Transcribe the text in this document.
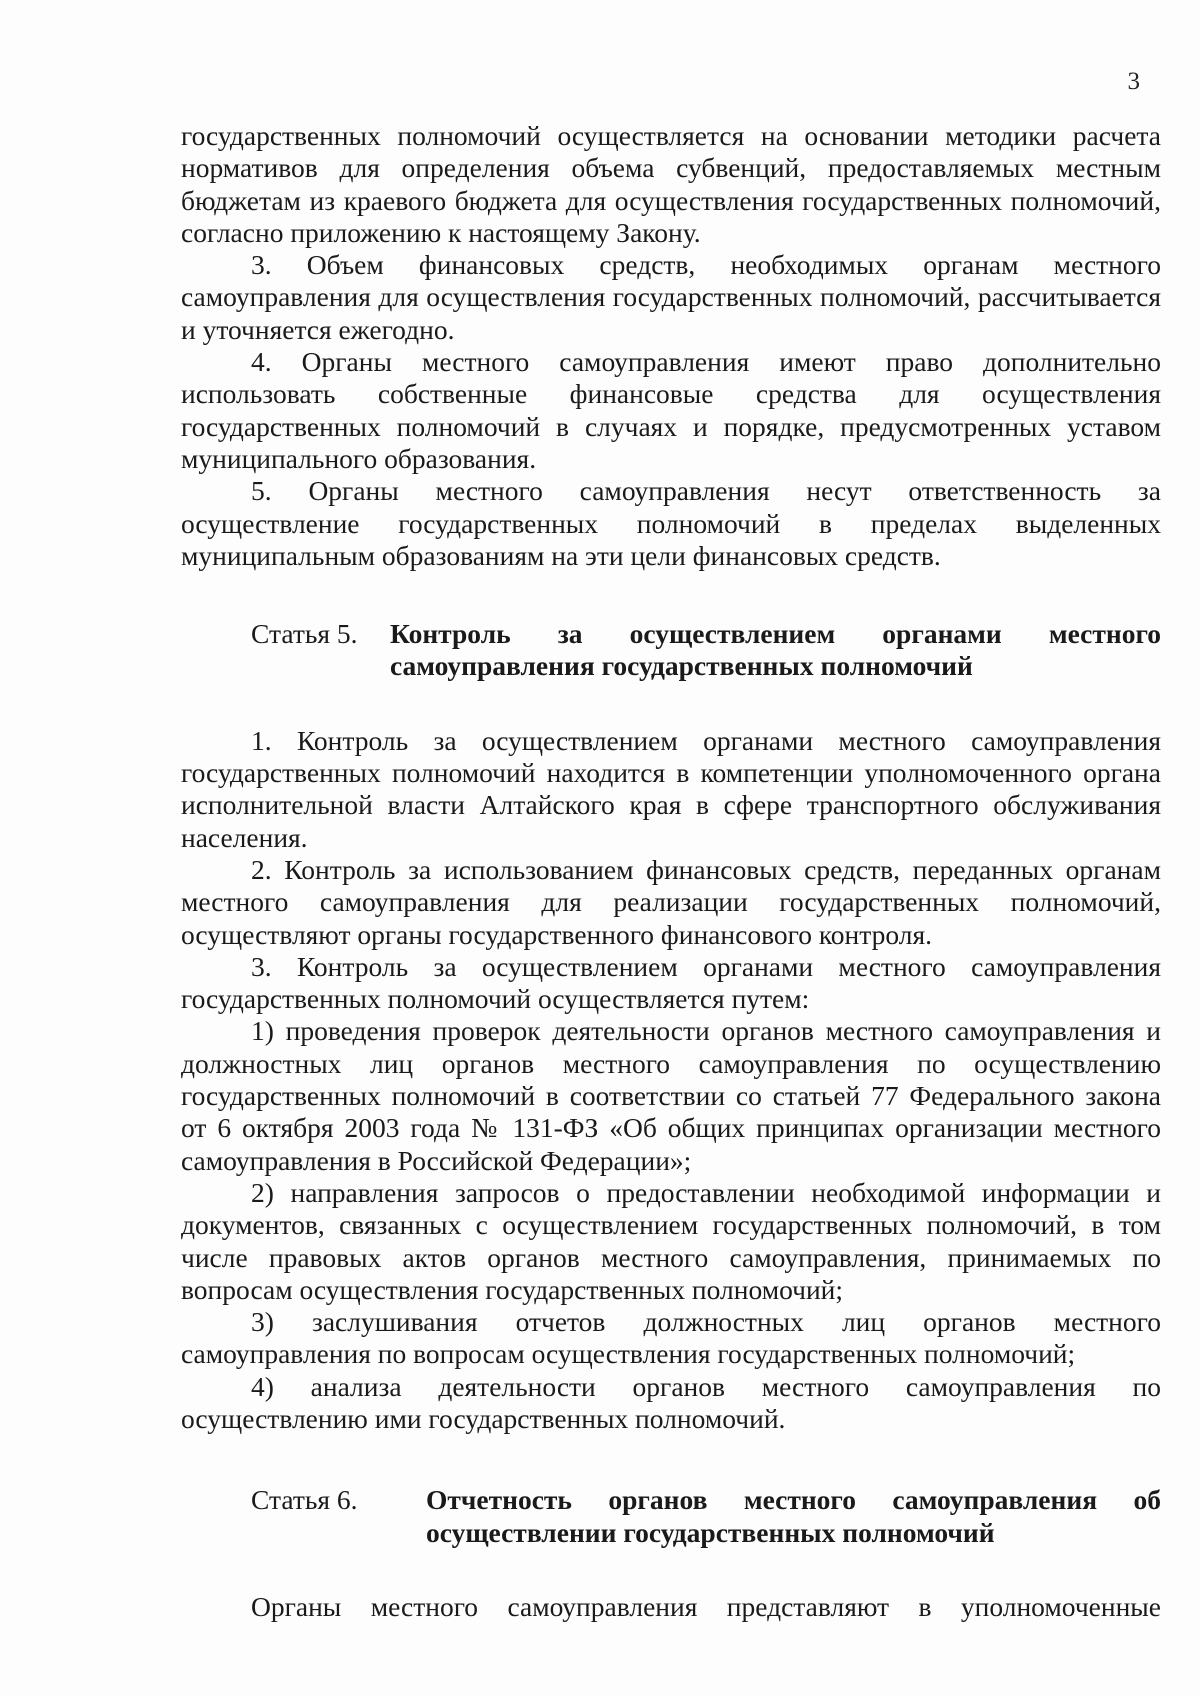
3

государственных полномочий осуществляется на основании методики расчета нормативов для определения объема субвенций, предоставляемых местным бюджетам из краевого бюджета для осуществления государственных полномочий, согласно приложению к настоящему Закону.

3. Объем финансовых средств, необходимых органам местного самоуправления для осуществления государственных полномочий, рассчитывается и уточняется ежегодно.

4. Органы местного самоуправления имеют право дополнительно использовать собственные финансовые средства для осуществления государственных полномочий в случаях и порядке, предусмотренных уставом муниципального образования.

5. Органы местного самоуправления несут ответственность за осуществление государственных полномочий в пределах выделенных муниципальным образованиям на эти цели финансовых средств.

Статья 5.	Контроль за осуществлением органами местного самоуправления государственных полномочий

1. Контроль за осуществлением органами местного самоуправления государственных полномочий находится в компетенции уполномоченного органа исполнительной власти Алтайского края в сфере транспортного обслуживания населения.

2. Контроль за использованием финансовых средств, переданных органам местного самоуправления для реализации государственных полномочий, осуществляют органы государственного финансового контроля.

3. Контроль за осуществлением органами местного самоуправления государственных полномочий осуществляется путем:

1) проведения проверок деятельности органов местного самоуправления и должностных лиц органов местного самоуправления по осуществлению государственных полномочий в соответствии со статьей 77 Федерального закона от 6 октября 2003 года № 131-ФЗ «Об общих принципах организации местного самоуправления в Российской Федерации»;

2) направления запросов о предоставлении необходимой информации и документов, связанных с осуществлением государственных полномочий, в том числе правовых актов органов местного самоуправления, принимаемых по вопросам осуществления государственных полномочий;

3) заслушивания отчетов должностных лиц органов местного самоуправления по вопросам осуществления государственных полномочий;

4) анализа деятельности органов местного самоуправления по осуществлению ими государственных полномочий.

Статья 6.	Отчетность органов местного самоуправления об осуществлении государственных полномочий

Органы местного самоуправления представляют в уполномоченные
